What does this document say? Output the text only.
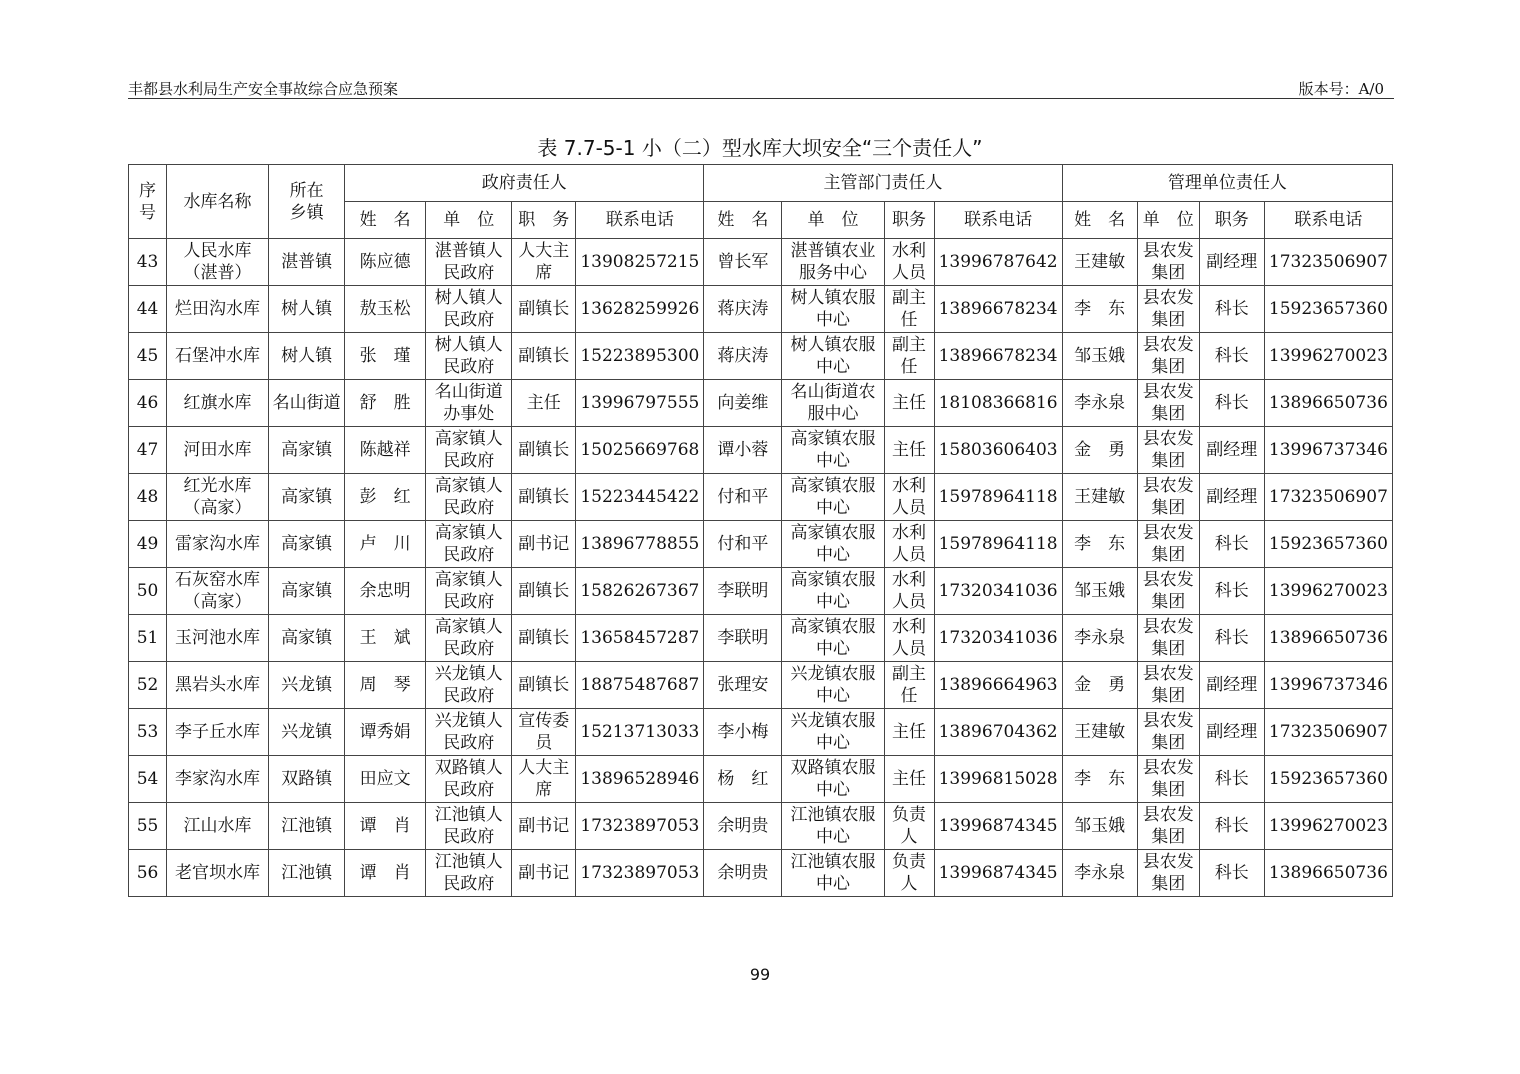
丰都县水利局生产安全事故综合应急预案	版本号：A/0
表 7.7-5-1 小（二）型水库大坝安全“三个责任人”
序号	水库名称	所在乡镇	政府责任人				主管部门责任人				管理单位责任人			
			姓　名	单　位	职　务	联系电话	姓　名	单　位	职务	联系电话	姓　名	单　位	职务	联系电话
43	人民水库（湛普）	湛普镇	陈应德	湛普镇人民政府	人大主席	13908257215	曾长军	湛普镇农业服务中心	水利人员	13996787642	王建敏	县农发集团	副经理	17323506907
44	烂田沟水库	树人镇	敖玉松	树人镇人民政府	副镇长	13628259926	蒋庆涛	树人镇农服中心	副主任	13896678234	李　东	县农发集团	科长	15923657360
45	石堡冲水库	树人镇	张　瑾	树人镇人民政府	副镇长	15223895300	蒋庆涛	树人镇农服中心	副主任	13896678234	邹玉娥	县农发集团	科长	13996270023
46	红旗水库	名山街道	舒　胜	名山街道办事处	主任	13996797555	向姜维	名山街道农服中心	主任	18108366816	李永泉	县农发集团	科长	13896650736
47	河田水库	高家镇	陈越祥	高家镇人民政府	副镇长	15025669768	谭小蓉	高家镇农服中心	主任	15803606403	金　勇	县农发集团	副经理	13996737346
48	红光水库（高家）	高家镇	彭　红	高家镇人民政府	副镇长	15223445422	付和平	高家镇农服中心	水利人员	15978964118	王建敏	县农发集团	副经理	17323506907
49	雷家沟水库	高家镇	卢　川	高家镇人民政府	副书记	13896778855	付和平	高家镇农服中心	水利人员	15978964118	李　东	县农发集团	科长	15923657360
50	石灰窑水库（高家）	高家镇	余忠明	高家镇人民政府	副镇长	15826267367	李联明	高家镇农服中心	水利人员	17320341036	邹玉娥	县农发集团	科长	13996270023
51	玉河池水库	高家镇	王　斌	高家镇人民政府	副镇长	13658457287	李联明	高家镇农服中心	水利人员	17320341036	李永泉	县农发集团	科长	13896650736
52	黑岩头水库	兴龙镇	周　琴	兴龙镇人民政府	副镇长	18875487687	张理安	兴龙镇农服中心	副主任	13896664963	金　勇	县农发集团	副经理	13996737346
53	李子丘水库	兴龙镇	谭秀娟	兴龙镇人民政府	宣传委员	15213713033	李小梅	兴龙镇农服中心	主任	13896704362	王建敏	县农发集团	副经理	17323506907
54	李家沟水库	双路镇	田应文	双路镇人民政府	人大主席	13896528946	杨　红	双路镇农服中心	主任	13996815028	李　东	县农发集团	科长	15923657360
55	江山水库	江池镇	谭　肖	江池镇人民政府	副书记	17323897053	余明贵	江池镇农服中心	负责人	13996874345	邹玉娥	县农发集团	科长	13996270023
56	老官坝水库	江池镇	谭　肖	江池镇人民政府	副书记	17323897053	余明贵	江池镇农服中心	负责人	13996874345	李永泉	县农发集团	科长	13896650736
99
